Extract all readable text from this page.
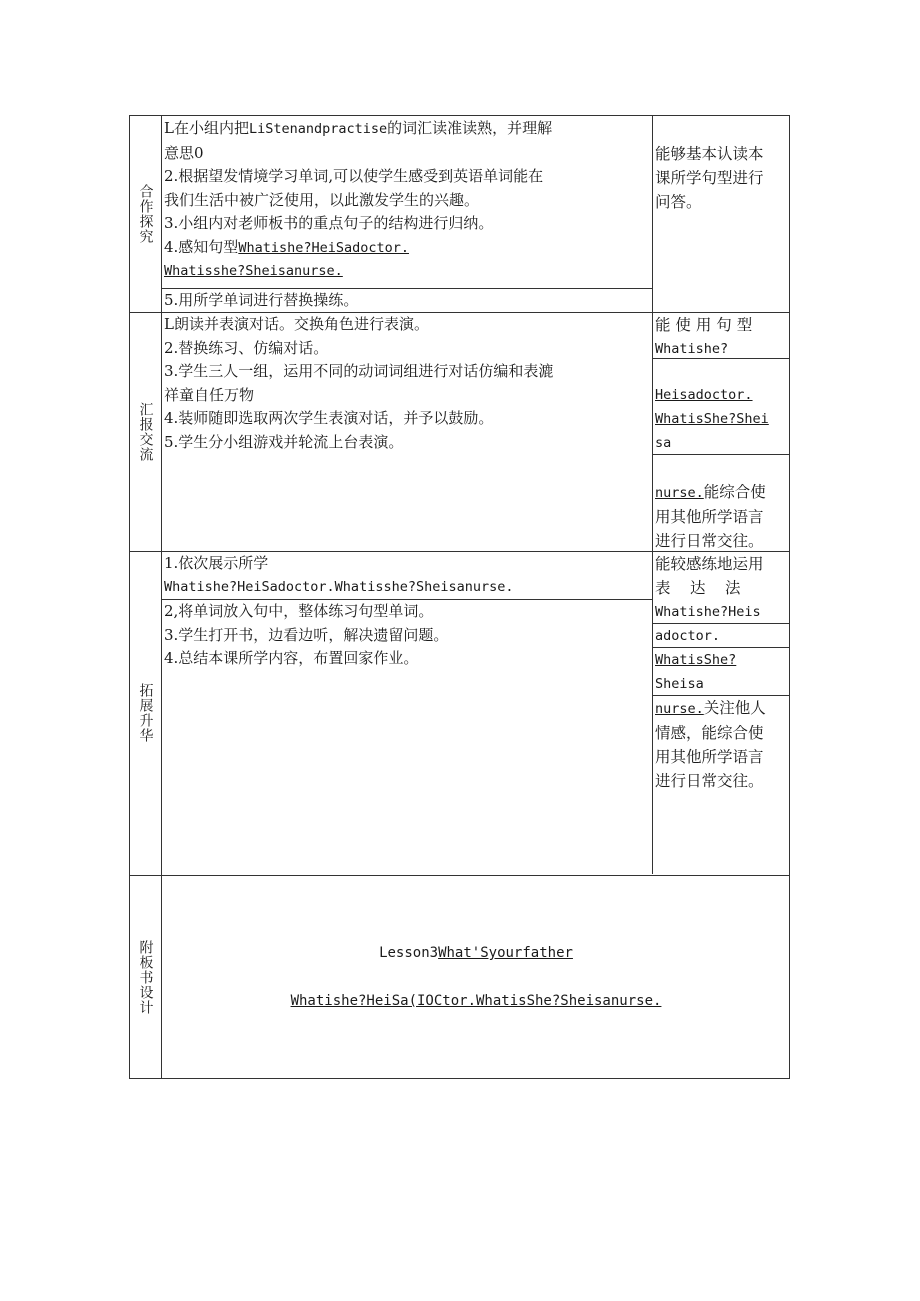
合作探究
汇报交流
拓展升华
附板书设计
L在小组内把LiStenandpractise的词汇读准读熟，并理解
意思0
2.根据望发情境学习单词,可以使学生感受到英语单词能在
我们生活中被广泛使用，以此激发学生的兴趣。
3.小组内对老师板书的重点句子的结构进行归纳。
4.感知句型Whatishe?HeiSadoctor.
Whatisshe?Sheisanurse.
5.用所学单词进行替换操练。
能够基本认读本
课所学句型进行
问答。
L朗读并表演对话。交换角色进行表演。
2.替换练习、仿编对话。
3.学生三人一组，运用不同的动词词组进行对话仿编和表漉
祥童自任万物
4.装师随即选取两次学生表演对话，并予以鼓励。
5.学生分小组游戏并轮流上台表演。
能 使 用 句 型
Whatishe?
Heisadoctor.
WhatisShe?Shei
sa
nurse.能综合使
用其他所学语言
进行日常交往。
1.依次展示所学
Whatishe?HeiSadoctor.Whatisshe?Sheisanurse.
2,将单词放入句中，整体练习句型单词。
3.学生打开书，边看边听，解决遗留问题。
4.总结本课所学内容，布置回家作业。
能较感练地运用
表　达　法
Whatishe?Heis
adoctor.
WhatisShe?
Sheisa
nurse.关注他人
情感，能综合使
用其他所学语言
进行日常交往。
Lesson3What'Syourfather
Whatishe?HeiSa(IOCtor.WhatisShe?Sheisanurse.
